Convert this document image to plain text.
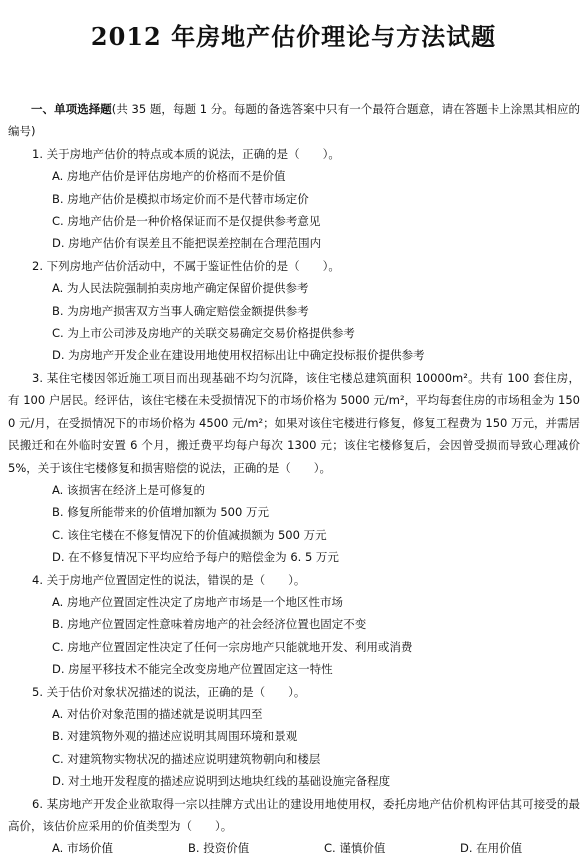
2012 年房地产估价理论与方法试题

一、单项选择题(共 35 题，每题 1 分。每题的备选答案中只有一个最符合题意，请在答题卡上涂黑其相应的编号)

1. 关于房地产估价的特点或本质的说法，正确的是（　　）。

A. 房地产估价是评估房地产的价格而不是价值

B. 房地产估价是模拟市场定价而不是代替市场定价

C. 房地产估价是一种价格保证而不是仅提供参考意见

D. 房地产估价有误差且不能把误差控制在合理范围内

2. 下列房地产估价活动中，不属于鉴证性估价的是（　　）。

A. 为人民法院强制拍卖房地产确定保留价提供参考

B. 为房地产损害双方当事人确定赔偿金额提供参考

C. 为上市公司涉及房地产的关联交易确定交易价格提供参考

D. 为房地产开发企业在建设用地使用权招标出让中确定投标报价提供参考

3. 某住宅楼因邻近施工项目而出现基础不均匀沉降，该住宅楼总建筑面积 10000m²。共有 100 套住房，有 100 户居民。经评估，该住宅楼在未受损情况下的市场价格为 5000 元/m²，平均每套住房的市场租金为 1500 元/月，在受损情况下的市场价格为 4500 元/m²；如果对该住宅楼进行修复，修复工程费为 150 万元，并需居民搬迁和在外临时安置 6 个月，搬迁费平均每户每次 1300 元；该住宅楼修复后，会因曾受损而导致心理减价 5%，关于该住宅楼修复和损害赔偿的说法，正确的是（　　）。

A. 该损害在经济上是可修复的

B. 修复所能带来的价值增加额为 500 万元

C. 该住宅楼在不修复情况下的价值减损额为 500 万元

D. 在不修复情况下平均应给予每户的赔偿金为 6. 5 万元

4. 关于房地产位置固定性的说法，错误的是（　　）。

A. 房地产位置固定性决定了房地产市场是一个地区性市场

B. 房地产位置固定性意味着房地产的社会经济位置也固定不变

C. 房地产位置固定性决定了任何一宗房地产只能就地开发、利用或消费

D. 房屋平移技术不能完全改变房地产位置固定这一特性

5. 关于估价对象状况描述的说法，正确的是（　　）。

A. 对估价对象范围的描述就是说明其四至

B. 对建筑物外观的描述应说明其周围环境和景观

C. 对建筑物实物状况的描述应说明建筑物朝向和楼层

D. 对土地开发程度的描述应说明到达地块红线的基础设施完备程度

6. 某房地产开发企业欲取得一宗以挂牌方式出让的建设用地使用权，委托房地产估价机构评估其可接受的最高价，该估价应采用的价值类型为（　　）。

A. 市场价值	B. 投资价值	C. 谨慎价值	D. 在用价值
